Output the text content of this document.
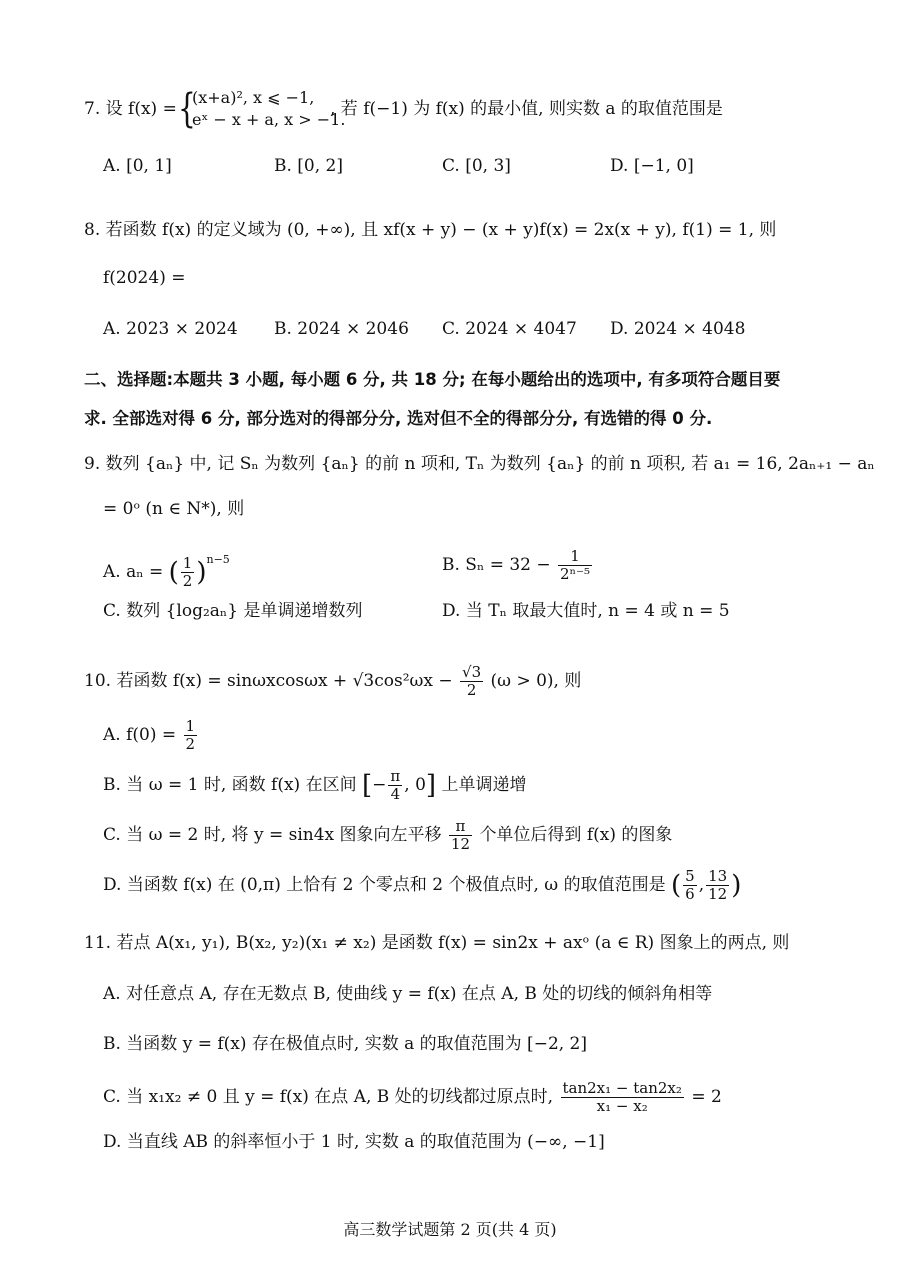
7. 设 f(x) = {
(x+a)², x ⩽ −1,
eˣ − x + a, x > −1.
, 若 f(−1) 为 f(x) 的最小值, 则实数 a 的取值范围是
A. [0, 1]	B. [0, 2]	C. [0, 3]	D. [−1, 0]
8. 若函数 f(x) 的定义域为 (0, +∞), 且 xf(x + y) − (x + y)f(x) = 2x(x + y), f(1) = 1, 则
f(2024) =
A. 2023 × 2024 B. 2024 × 2046 C. 2024 × 4047 D. 2024 × 4048
二、选择题:本题共 3 小题, 每小题 6 分, 共 18 分; 在每小题给出的选项中, 有多项符合题目要
求. 全部选对得 6 分, 部分选对的得部分分, 选对但不全的得部分分, 有选错的得 0 分.
9. 数列 {aₙ} 中, 记 Sₙ 为数列 {aₙ} 的前 n 项和, Tₙ 为数列 {aₙ} 的前 n 项积, 若 a₁ = 16, 2aₙ₊₁ − aₙ
= 0ᵒ (n ∈ N*), 则
A. aₙ = ( $\frac{1}{2} )^{n-5}$	B. $S_n = 32 - \frac{1}{\text{2ⁿ⁻⁵}}$
C. 数列 {log₂aₙ} 是单调递增数列	D. 当 Tₙ 取最大值时, n = 4 或 n = 5
10. 若函数 $f(x) = \sin\omega xcos\omega x + √3\cos^2\omega x - \frac{√3}{2} (\omega > 0)$, 则
A. $f(0) = \frac{1}{2}$
B. 当 ω = 1 时, 函数 f(x) 在区间 [− $\frac{\pi}{4}$ , 0] 上单调递增
C. 当 ω = 2 时, 将 y = sin4x 图象向左平移 $\frac{\pi}{12}$ 个单位后得到 f(x) 的图象
D. 当函数 f(x) 在 (0,π) 上恰有 2 个零点和 2 个极值点时, ω 的取值范围是 ( $\frac{5}{6}$ , $\frac{13}{12}$ )
11. 若点 A(x₁, y₁), B(x₂, y₂)(x₁ ≠ x₂) 是函数 f(x) = sin2x + axᵒ (a ∈ R) 图象上的两点, 则
A. 对任意点 A, 存在无数点 B, 使曲线 y = f(x) 在点 A, B 处的切线的倾斜角相等
B. 当函数 y = f(x) 存在极值点时, 实数 a 的取值范围为 [−2, 2]
C. 当 x₁x₂ ≠ 0 且 y = f(x) 在点 A, B 处的切线都过原点时, $\frac{\text{tan2x₁ − tan2x₂}}{\text{x₁ − x₂}} = 2$
D. 当直线 AB 的斜率恒小于 1 时, 实数 a 的取值范围为 (−∞, −1]
高三数学试题第 2 页(共 4 页)
